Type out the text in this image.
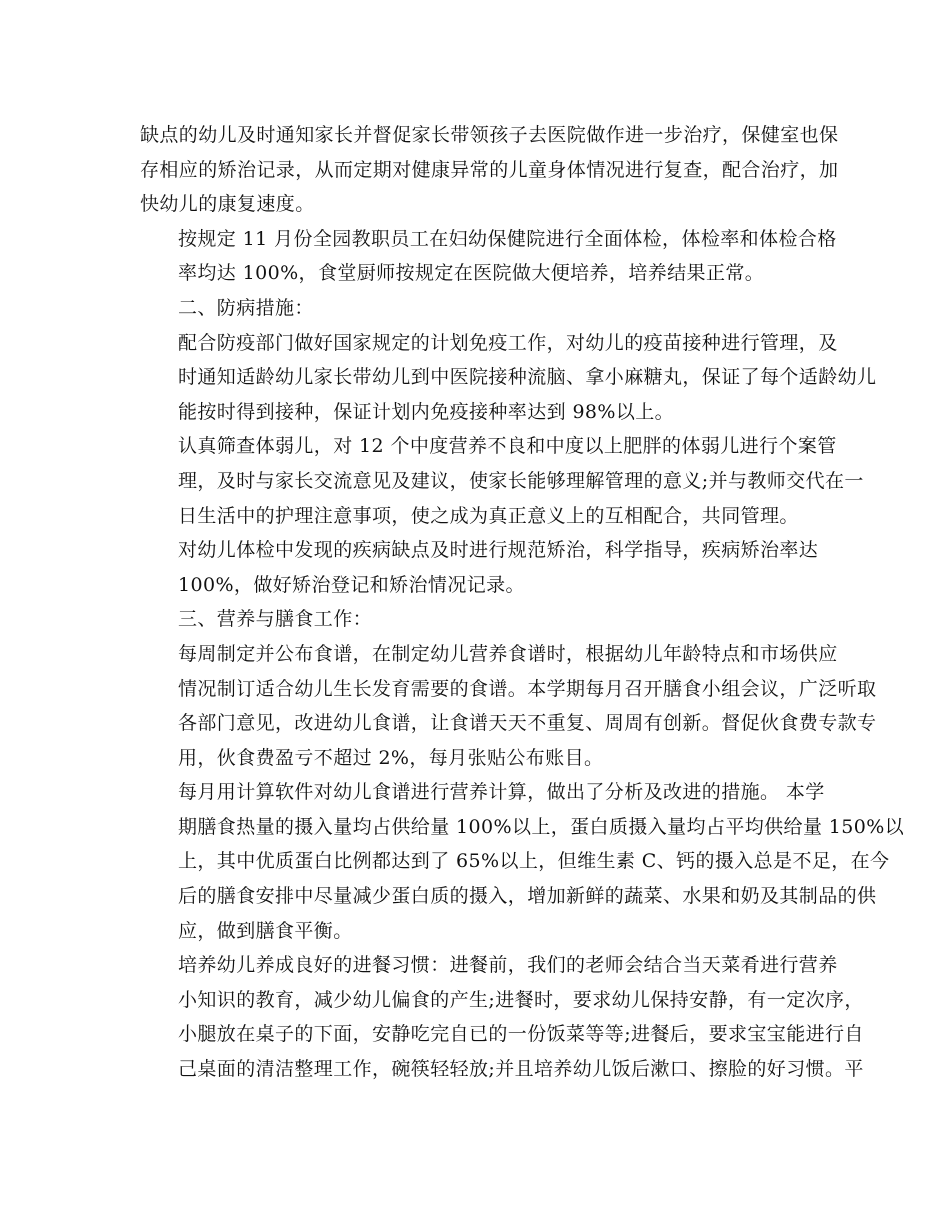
缺点的幼儿及时通知家长并督促家长带领孩子去医院做作进一步治疗，保健室也保
存相应的矫治记录，从而定期对健康异常的儿童身体情况进行复查，配合治疗，加
快幼儿的康复速度。

按规定 11 月份全园教职员工在妇幼保健院进行全面体检，体检率和体检合格
率均达 100%，食堂厨师按规定在医院做大便培养，培养结果正常。

二、防病措施：

配合防疫部门做好国家规定的计划免疫工作，对幼儿的疫苗接种进行管理，及
时通知适龄幼儿家长带幼儿到中医院接种流脑、拿小麻糖丸，保证了每个适龄幼儿
能按时得到接种，保证计划内免疫接种率达到 98%以上。

认真筛查体弱儿，对 12 个中度营养不良和中度以上肥胖的体弱儿进行个案管
理，及时与家长交流意见及建议，使家长能够理解管理的意义;并与教师交代在一
日生活中的护理注意事项，使之成为真正意义上的互相配合，共同管理。

对幼儿体检中发现的疾病缺点及时进行规范矫治，科学指导，疾病矫治率达
100%，做好矫治登记和矫治情况记录。

三、营养与膳食工作：

每周制定并公布食谱，在制定幼儿营养食谱时，根据幼儿年龄特点和市场供应
情况制订适合幼儿生长发育需要的食谱。本学期每月召开膳食小组会议，广泛听取
各部门意见，改进幼儿食谱，让食谱天天不重复、周周有创新。督促伙食费专款专
用，伙食费盈亏不超过 2%，每月张贴公布账目。

每月用计算软件对幼儿食谱进行营养计算，做出了分析及改进的措施。 本学
期膳食热量的摄入量均占供给量 100%以上，蛋白质摄入量均占平均供给量 150%以
上，其中优质蛋白比例都达到了 65%以上，但维生素 C、钙的摄入总是不足，在今
后的膳食安排中尽量减少蛋白质的摄入，增加新鲜的蔬菜、水果和奶及其制品的供
应，做到膳食平衡。

培养幼儿养成良好的进餐习惯：进餐前，我们的老师会结合当天菜肴进行营养
小知识的教育，减少幼儿偏食的产生;进餐时，要求幼儿保持安静，有一定次序，
小腿放在桌子的下面，安静吃完自已的一份饭菜等等;进餐后，要求宝宝能进行自
己桌面的清洁整理工作，碗筷轻轻放;并且培养幼儿饭后漱口、擦脸的好习惯。平
